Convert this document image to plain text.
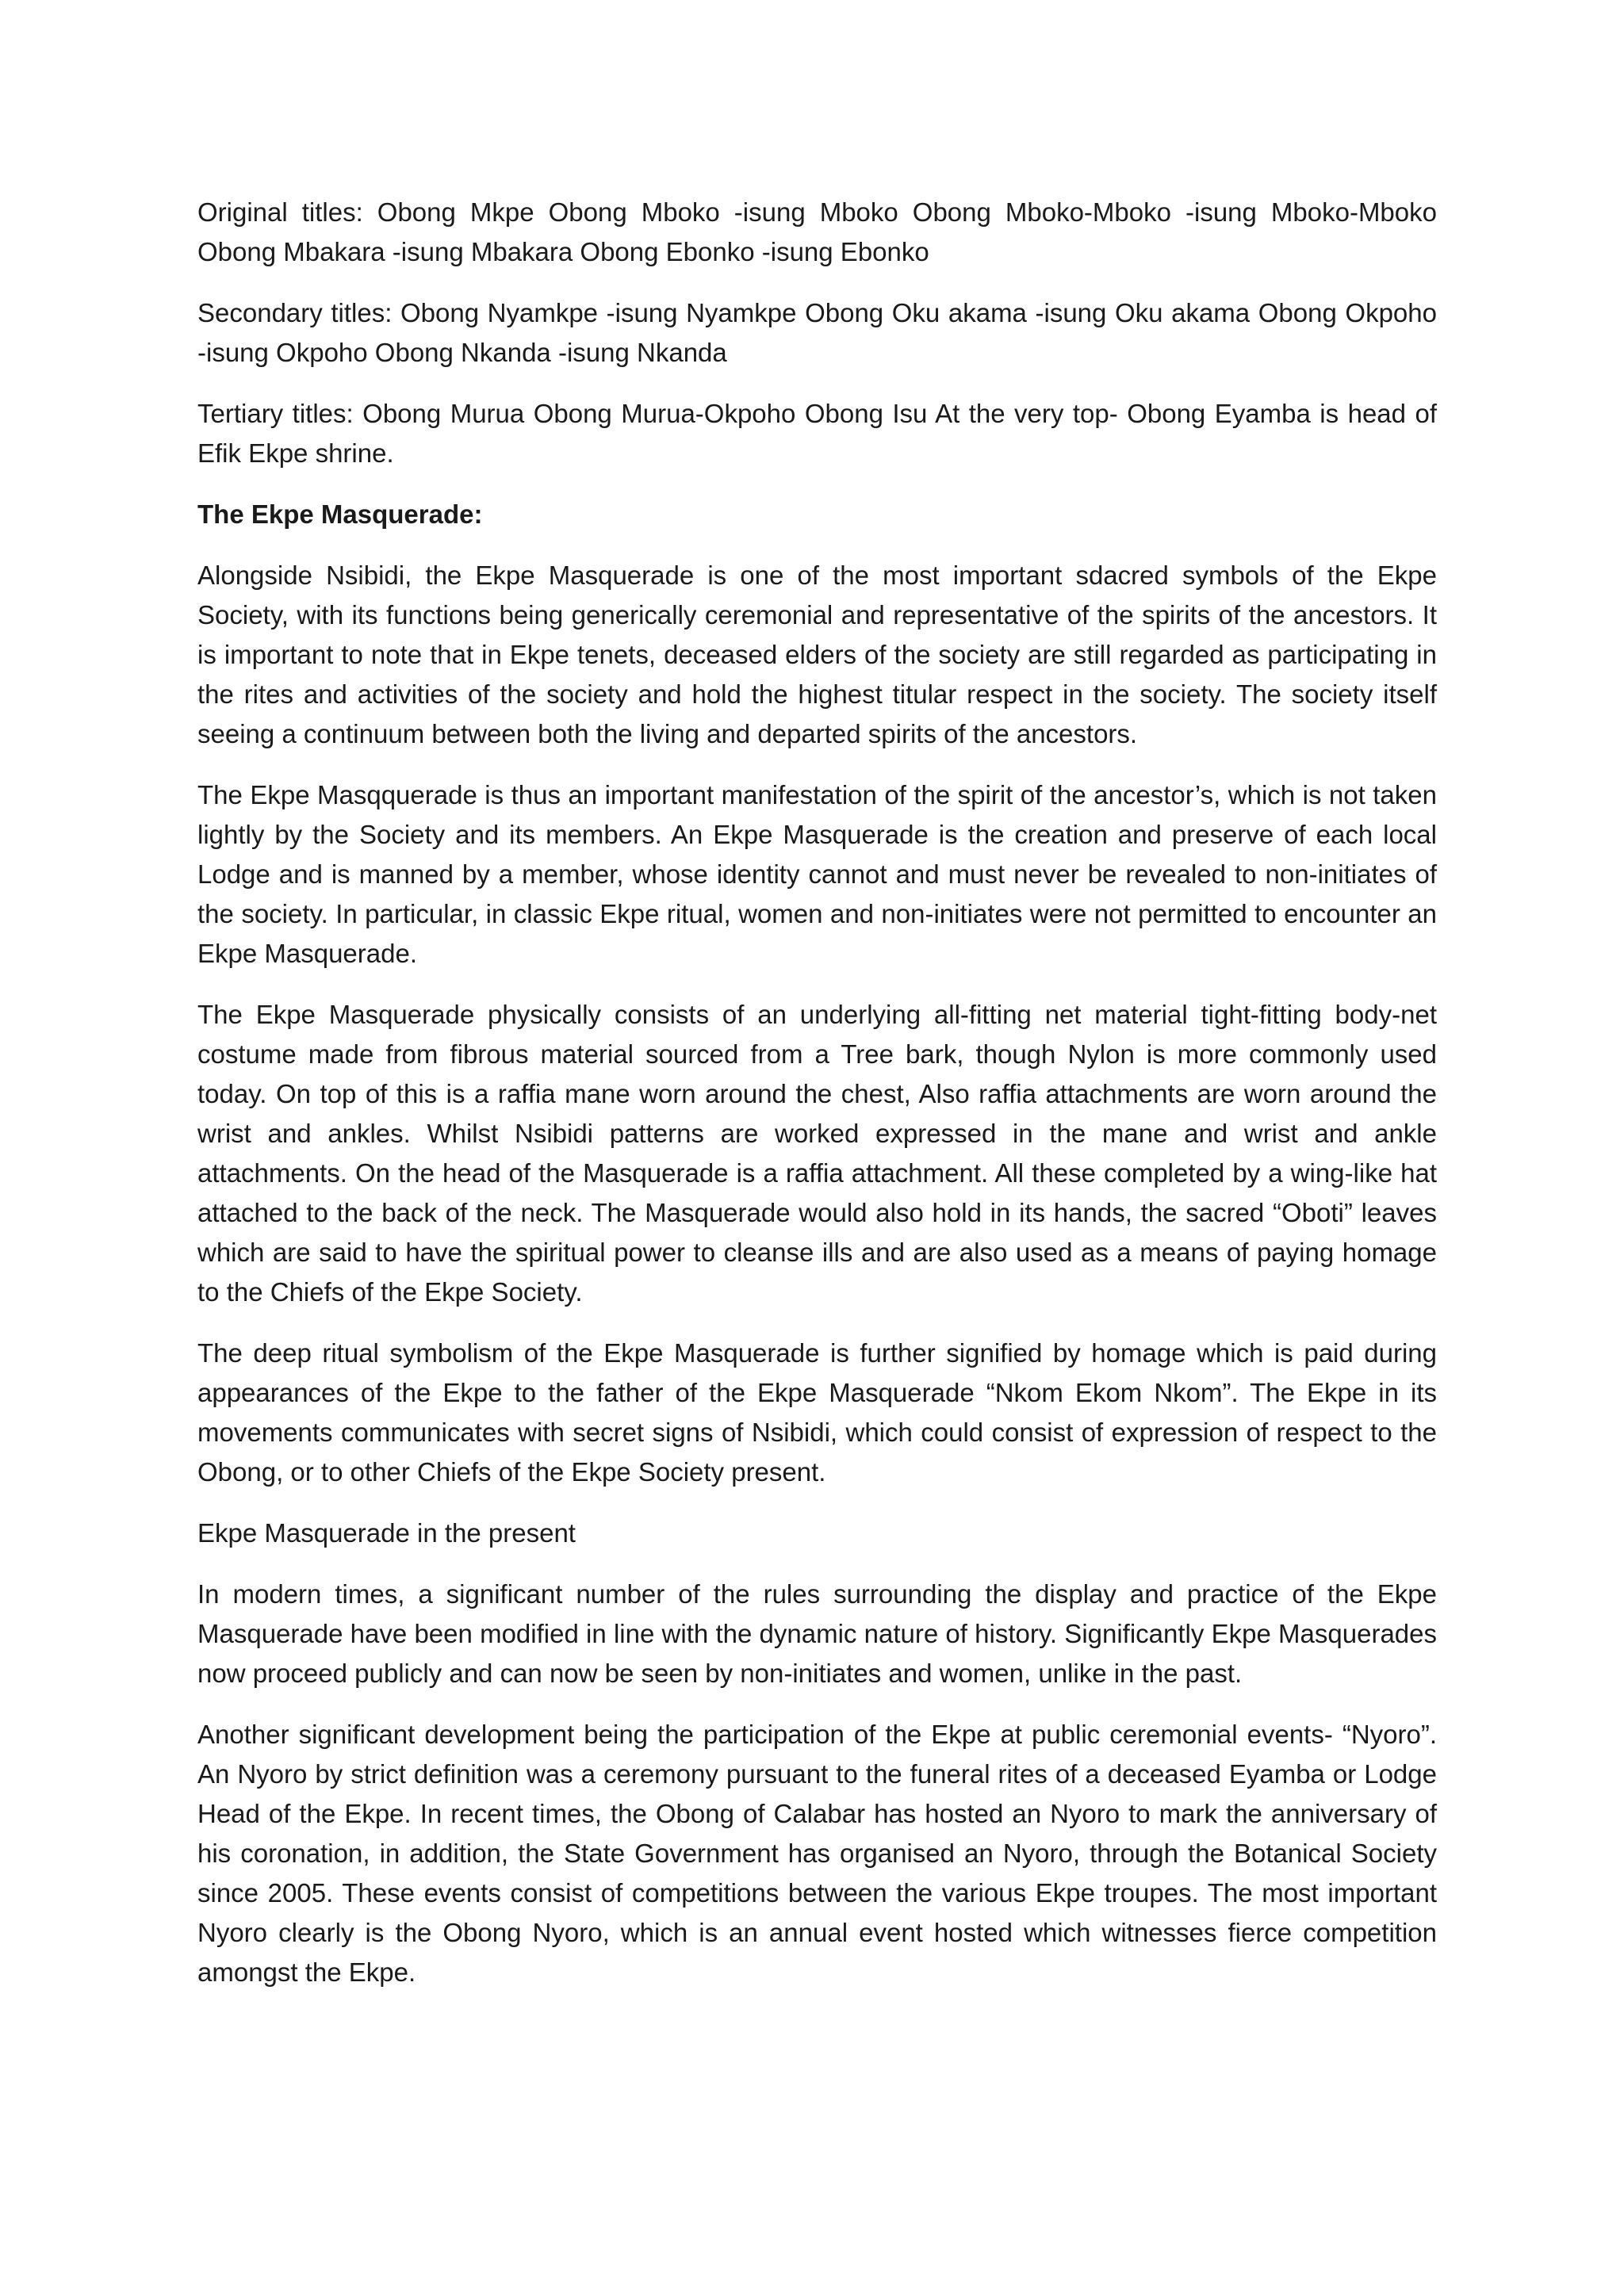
Original titles: Obong Mkpe Obong Mboko -isung Mboko Obong Mboko-Mboko -isung Mboko-Mboko Obong Mbakara -isung Mbakara Obong Ebonko -isung Ebonko

Secondary titles: Obong Nyamkpe -isung Nyamkpe Obong Oku akama -isung Oku akama Obong Okpoho -isung Okpoho Obong Nkanda -isung Nkanda

Tertiary titles: Obong Murua Obong Murua-Okpoho Obong Isu At the very top- Obong Eyamba is head of Efik Ekpe shrine.

The Ekpe Masquerade:

Alongside Nsibidi, the Ekpe Masquerade is one of the most important sdacred symbols of the Ekpe Society, with its functions being generically ceremonial and representative of the spirits of the ancestors. It is important to note that in Ekpe tenets, deceased elders of the society are still regarded as participating in the rites and activities of the society and hold the highest titular respect in the society. The society itself seeing a continuum between both the living and departed spirits of the ancestors.

The Ekpe Masqquerade is thus an important manifestation of the spirit of the ancestor’s, which is not taken lightly by the Society and its members. An Ekpe Masquerade is the creation and preserve of each local Lodge and is manned by a member, whose identity cannot and must never be revealed to non-initiates of the society. In particular, in classic Ekpe ritual, women and non-initiates were not permitted to encounter an Ekpe Masquerade.

The Ekpe Masquerade physically consists of an underlying all-fitting net material tight-fitting body-net costume made from fibrous material sourced from a Tree bark, though Nylon is more commonly used today. On top of this is a raffia mane worn around the chest, Also raffia attachments are worn around the wrist and ankles. Whilst Nsibidi patterns are worked expressed in the mane and wrist and ankle attachments. On the head of the Masquerade is a raffia attachment. All these completed by a wing-like hat attached to the back of the neck. The Masquerade would also hold in its hands, the sacred “Oboti” leaves which are said to have the spiritual power to cleanse ills and are also used as a means of paying homage to the Chiefs of the Ekpe Society.

The deep ritual symbolism of the Ekpe Masquerade is further signified by homage which is paid during appearances of the Ekpe to the father of the Ekpe Masquerade “Nkom Ekom Nkom”. The Ekpe in its movements communicates with secret signs of Nsibidi, which could consist of expression of respect to the Obong, or to other Chiefs of the Ekpe Society present.

Ekpe Masquerade in the present

In modern times, a significant number of the rules surrounding the display and practice of the Ekpe Masquerade have been modified in line with the dynamic nature of history. Significantly Ekpe Masquerades now proceed publicly and can now be seen by non-initiates and women, unlike in the past.

Another significant development being the participation of the Ekpe at public ceremonial events- “Nyoro”. An Nyoro by strict definition was a ceremony pursuant to the funeral rites of a deceased Eyamba or Lodge Head of the Ekpe. In recent times, the Obong of Calabar has hosted an Nyoro to mark the anniversary of his coronation, in addition, the State Government has organised an Nyoro, through the Botanical Society since 2005. These events consist of competitions between the various Ekpe troupes. The most important Nyoro clearly is the Obong Nyoro, which is an annual event hosted which witnesses fierce competition amongst the Ekpe.
